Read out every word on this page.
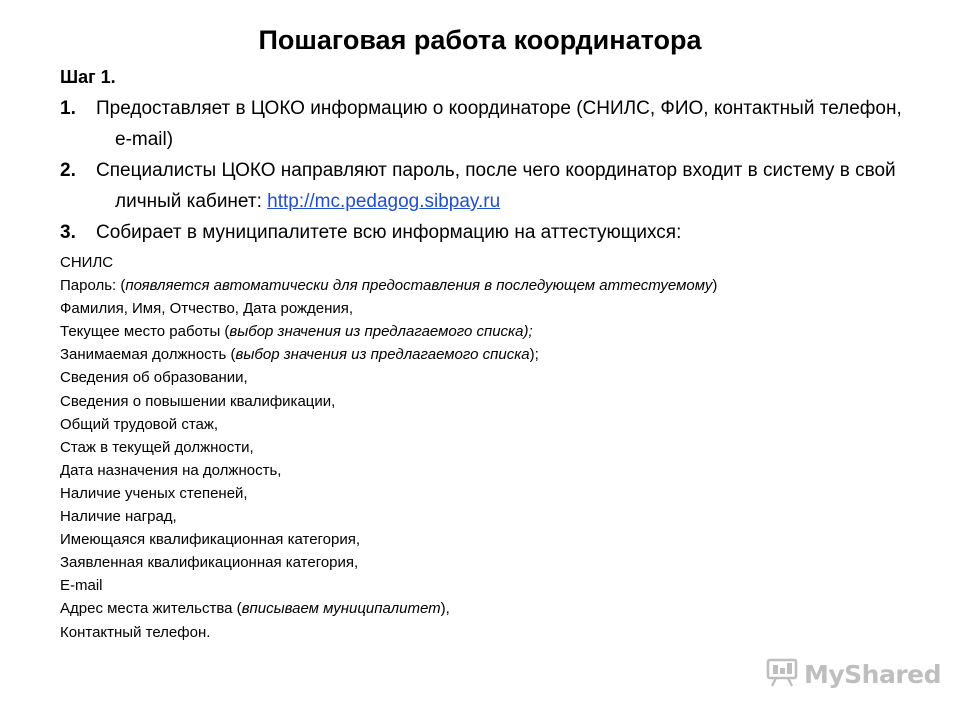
Пошаговая работа координатора
Шаг 1.
1. Предоставляет в ЦОКО информацию о координаторе (СНИЛС, ФИО, контактный телефон, e-mail)
2. Специалисты ЦОКО направляют пароль, после чего координатор входит в систему в свой личный кабинет: http://mc.pedagog.sibpay.ru
3. Собирает в муниципалитете всю информацию на аттестующихся:
СНИЛС
Пароль: (появляется автоматически для предоставления в последующем аттестуемому)
Фамилия, Имя, Отчество, Дата рождения,
Текущее место работы (выбор значения из предлагаемого списка);
Занимаемая должность (выбор значения из предлагаемого списка);
Сведения об образовании,
Сведения о повышении квалификации,
Общий трудовой стаж,
Стаж в текущей должности,
Дата назначения на должность,
Наличие ученых степеней,
Наличие наград,
Имеющаяся квалификационная категория,
Заявленная квалификационная категория,
E-mail
Адрес места жительства (вписываем муниципалитет),
Контактный телефон.
MyShared
